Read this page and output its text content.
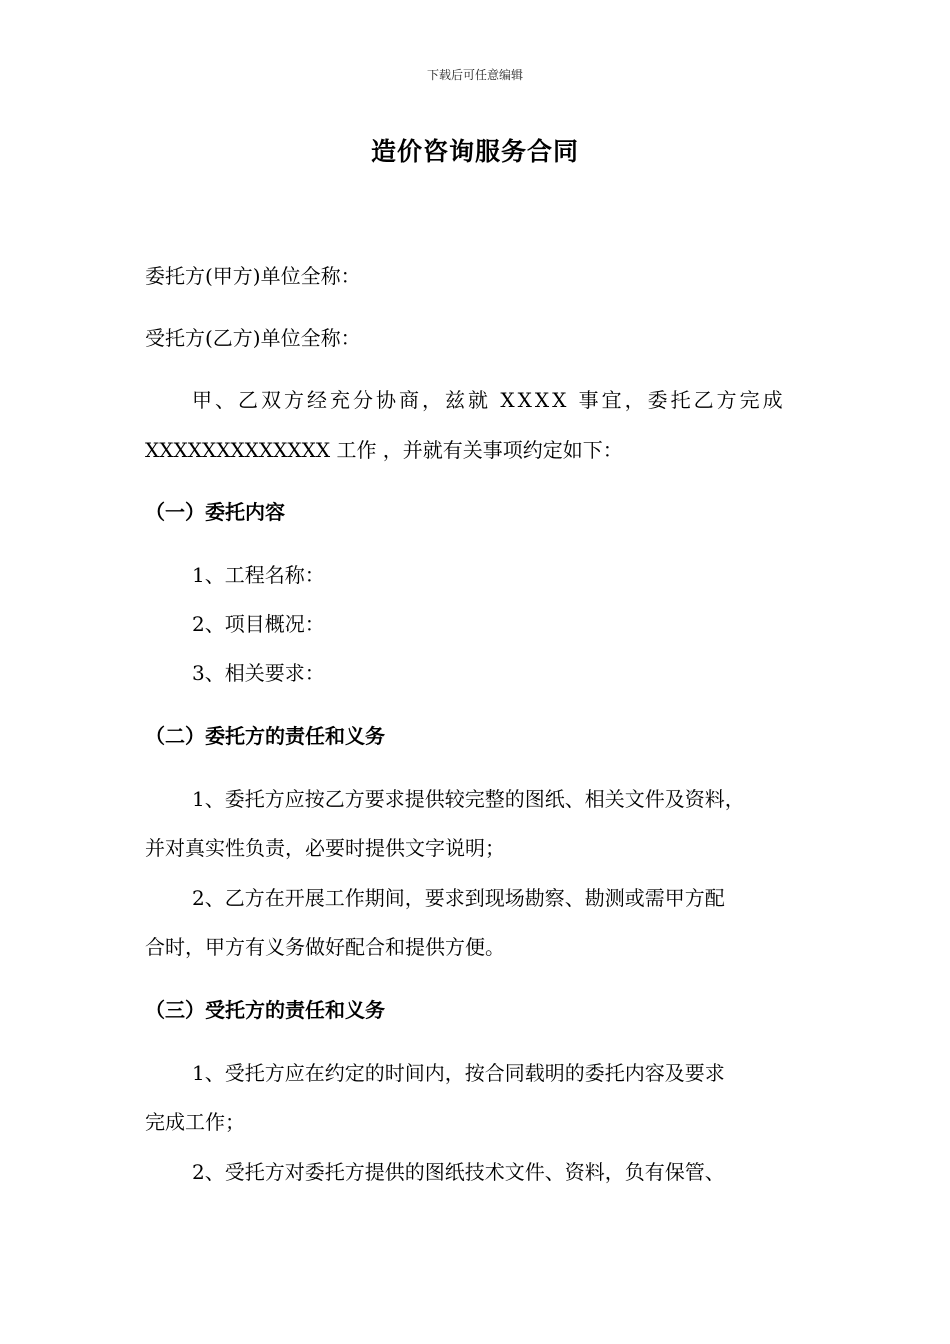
下载后可任意编辑
造价咨询服务合同
委托方(甲方)单位全称：
受托方(乙方)单位全称：
甲、乙双方经充分协商，兹就 XXXX 事宜，委托乙方完成
XXXXXXXXXXXXX 工作 ，并就有关事项约定如下：
（一）委托内容
1、工程名称：
2、项目概况：
3、相关要求：
（二）委托方的责任和义务
1、委托方应按乙方要求提供较完整的图纸、相关文件及资料，
并对真实性负责，必要时提供文字说明；
2、乙方在开展工作期间，要求到现场勘察、勘测或需甲方配
合时，甲方有义务做好配合和提供方便。
（三）受托方的责任和义务
1、受托方应在约定的时间内，按合同载明的委托内容及要求
完成工作；
2、受托方对委托方提供的图纸技术文件、资料，负有保管、
